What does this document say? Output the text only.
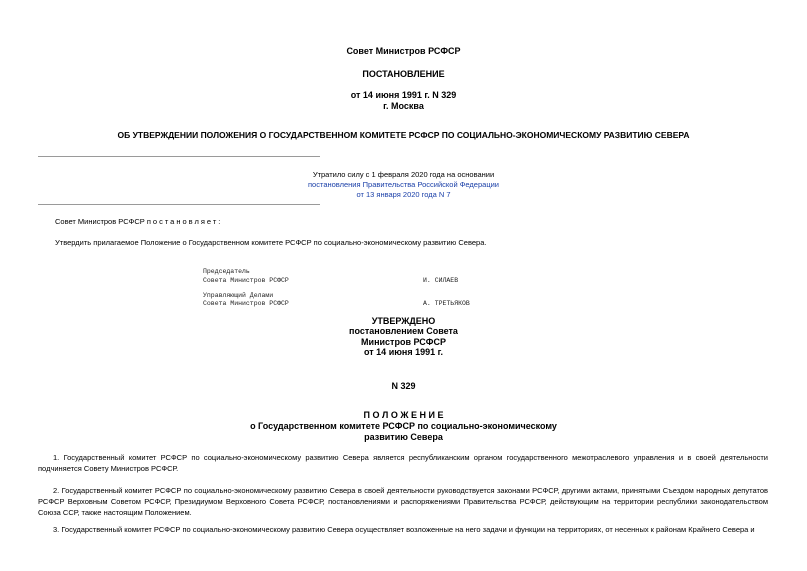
Совет Министров РСФСР
ПОСТАНОВЛЕНИЕ
от 14 июня 1991 г. N 329
г. Москва
ОБ УТВЕРЖДЕНИИ ПОЛОЖЕНИЯ О ГОСУДАРСТВЕННОМ КОМИТЕТЕ РСФСР ПО СОЦИАЛЬНО-ЭКОНОМИЧЕСКОМУ РАЗВИТИЮ СЕВЕРА
Утратило силу с 1 февраля 2020 года на основании
постановления Правительства Российской Федерации
от 13 января 2020 года N 7
Совет Министров РСФСР постановляет:
Утвердить прилагаемое Положение о Государственном комитете РСФСР по социально-экономическому развитию Севера.
Председатель
Совета Министров РСФСР	И. СИЛАЕВ
Управляющий Делами
Совета Министров РСФСР	А. ТРЕТЬЯКОВ
УТВЕРЖДЕНО
постановлением Совета
Министров РСФСР
от 14 июня 1991 г.
N 329
П О Л О Ж Е Н И Е
о Государственном комитете РСФСР по социально-экономическому
развитию Севера
1. Государственный комитет РСФСР по социально-экономическому развитию Севера является республиканским органом государственного межотраслевого управления и в своей деятельности подчиняется Совету Министров РСФСР.
2. Государственный комитет РСФСР по социально-экономическому развитию Севера в своей деятельности руководствуется законами РСФСР, другими актами, принятыми Съездом народных депутатов РСФСР Верховным Советом РСФСР, Президиумом Верховного Совета РСФСР, постановлениями и распоряжениями Правительства РСФСР, действующим на территории республики законодательством Союза ССР, также настоящим Положением.
3. Государственный комитет РСФСР по социально-экономическому развитию Севера осуществляет возложенные на него задачи и функции на территориях, от несенных к районам Крайнего Севера и
